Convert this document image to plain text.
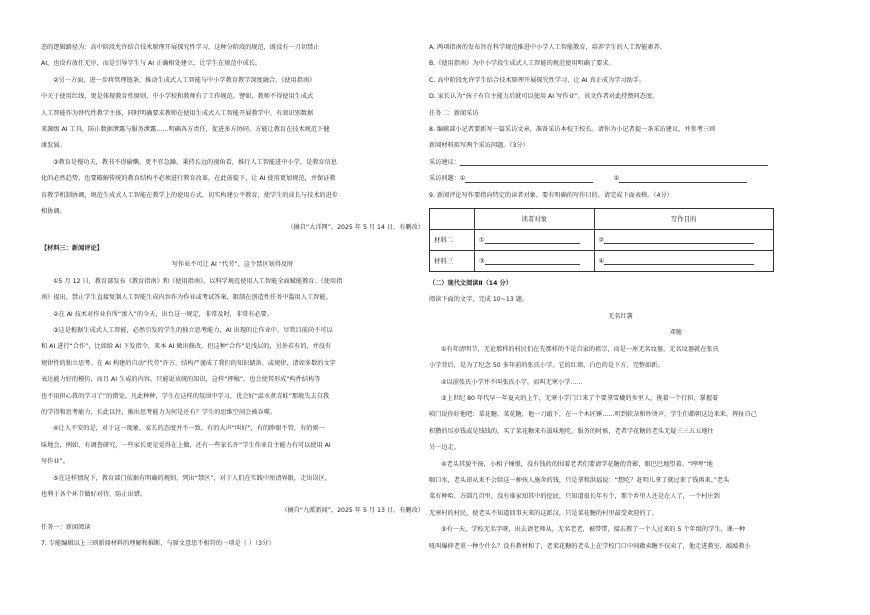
态的逻辑路径为：高中阶段允许结合技术原理开展探究性学习，这种分阶段的规范，既没有一刀切禁止

AI，也没有放任无序，而是引导学生与 AI 正确相处建立，让学生在规范中成长。

②另一方面，进一步将管理链条，推动生成式人工智能与中小学教育教学深度融合。《使用指南》

中关于使用红线，更是体现教育性原则，中小学校和教师有了工作规范。譬如，教师不得使用生成式

人工智能作为替代性教学主体，同时明确要求教师在使用生成式人工智能开展教学中，有效识别数据

来源级 AI 工具，防止数据泄露与服务泄露……明确各方责任，促进多方协同，方能让教育在技术规范下健

康发展。

③教育是慢功夫，教书不得偷懒，更不宜急躁。秉持长远的视角看，推行人工智能进中小学，是教育信息

化的必然趋势，也要破解传统的教育结构不必须进行教育改革。在此前提下，让 AI 使用更加规范，并保证教

育教学机制协调，规范生成式人工智能在教学上的使用方式，切实构建公平教育，使学生的成长与技术的进步

相协调。

（摘自“大洋网”，2025 年 5 月 14 日，有删改）

【材料三：新闻评论】

写作业不可让 AI “代劳”，这个禁区划得及时

①5 月 12 日，教育部发布《教育指南》和《使用指南》，以科学规范使用人工智能全面赋能教育。《使用指

南》提出，禁止学生直接复制人工智能生成内容作为作业或考试答案，限制在创造性任务中滥用人工智能。

②在 AI 技术对作业有所“渗入”的今天，出台这一规定，非常及时，非常有必要。

③这是根据生成式人工智能，必然引发的学生的独立思考能力，AI 出现的让作业中，尽管目前尚不可以

和 AI 进行“合作”，比如给 AI 下发指令，来本 AI 做出修改，但这种“合作”是浅层的，另外若有的，并没有

规律性的独立思考。在 AI 构建的自动“代劳”许方，结构严谨成了我们的知识储备、或规律，诸如多数的文字

表达能力好的模仿，而且 AI 生成的内容，只能说该统的知识，这样“挥稿”，也会使其形成“构件结构等

也不用担心我的学习了”的错觉。凡此种种，学生在这样的氛围中学习，优会好“温水煮青蛙”那般失去自我

的学得和思考能力，长此以往，推出思考能力为何是还有？学生的思维空间会被吞噬。

④让人不安的是，对于这一现象，家长的态度并不一致。有的大声“叫好”，有的睁眼不管，有的则一

味地会，例如，有调查研究，一些家长更是觉得在上做，还有一些家长许“学生作业自主能力有可以使用 AI

写作业”。

⑤在这样情况下，教育部门依据有明确的规则，列出“禁区”，对于人们在实践中厘清界限，走出误区，

也利于各个环节做好对待，防止出错。

（摘自“九派新闻”，2025 年 5 月 13 日，有删改）

任务一：新闻阅读

7. 专能编辑以上三则新闻材料的理解和推断，与原文意思不相符的一项是（ ）（3分）

A. 两项指南的发布旨在科学规范推进中小学人工智能教育，培养学生的人工智能素养。

B.《使用指南》为中小学段生成式人工智能的规范使用明确了要求。

C. 高中阶段允许学生结合技术原理开展探究性学习，让 AI 真正成为学习助手。

D. 家长认为“孩子有自主能力后就可以使用 AI 写作业”，该文作者对此持赞同态度。

任务二：新闻采访

8. 编辑部小记者要新写一篇采访文章，准备采访本校王校长。请你为小记者提一条采访建议，并参考三则

新闻材料拟写两个采访问题。（3分）

采访建议：

采访问题：①	②

9. 新闻评论写作要指向特定的读者对象，要有明确的写作目的。请完成下面表格。（4分）

	读者对象	写作目的
材料二	①	②
材料三	③	④

（二）现代文阅读Ⅱ（14 分）

阅读下面的文字，完成 10~13 题。

无名红薯

邓驰

①有年清明节，无论那样的村民们在先那样的不是自家的祖宗，而是一座无名坟墓。无名坟墓就在张氏

小学背后，是为了纪念 50 多年前的张氏小学，它的红墙，白色的是下方，完整如新。

②以前张氏小学并不叫张氏小学，而叫无寒小学……

③上世纪 80 年代早一年夏天的上午，无寒小学门口来了个要拿雪橇的乡里人，挑着一个行担，掌握着

唢门说你好他吧：菜花糖，菜花糖，他一刀敲下，在一个木匠锤……听到软杂和炒烫声，学生们都朝这边来来，挥扯自己

积攒的压岁钱或是钱钱的，买了菜花糖来有滋味地吃。服务的时候，老者学花糖的老头无疑三三五五地往

另一边走。

④老头其貌不扬，小相子憧憬，没有钱的的围着老者们要请学花糖的背影，眼巴巴地望着。“哼哼”地

咽口水，老头却从来不会给这一种孩人施舍的钱，只是拿和洪福说：“想吃？赶明儿拿了就过来了钱再来。”老头

菜有种哈，方圆几百里，没有谁家知其中的挖底，只知道很长年有个，那个乡里人还是在人了，一个村庄到

无寒村的村民，使老头不知道回事天来的这派汉，只是菜花糖的村里最受欢迎的了。

⑤有一天，学校无名字呀，出去请老师从，无名老老，被带带，接去教了一个人过来的 5 个年级的学生，课一种

吼叫爆伸老重一种少什么？没有教材和了，老菜花糖的老头上在学校门口中间敞卖糖不仅卖了，他走进教室，敲敲教小
